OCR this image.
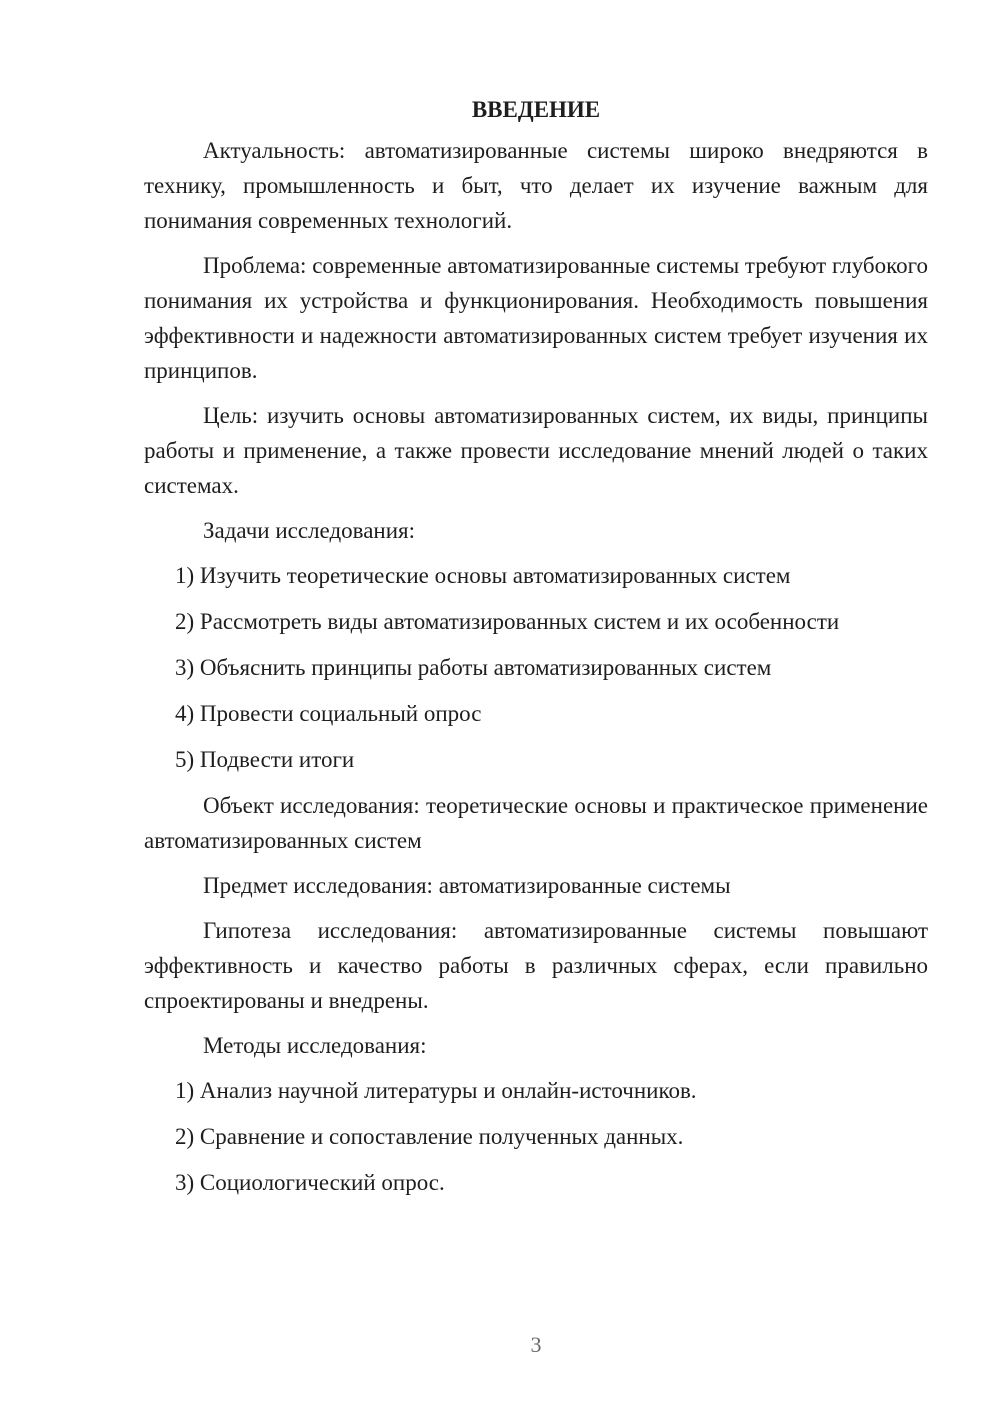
ВВЕДЕНИЕ

Актуальность: автоматизированные системы широко внедряются в технику, промышленность и быт, что делает их изучение важным для понимания современных технологий.

Проблема: современные автоматизированные системы требуют глубокого понимания их устройства и функционирования. Необходимость повышения эффективности и надежности автоматизированных систем требует изучения их принципов.

Цель: изучить основы автоматизированных систем, их виды, принципы работы и применение, а также провести исследование мнений людей о таких системах.

Задачи исследования:

1) Изучить теоретические основы автоматизированных систем
2) Рассмотреть виды автоматизированных систем и их особенности
3) Объяснить принципы работы автоматизированных систем
4) Провести социальный опрос
5) Подвести итоги

Объект исследования: теоретические основы и практическое применение автоматизированных систем

Предмет исследования: автоматизированные системы

Гипотеза исследования: автоматизированные системы повышают эффективность и качество работы в различных сферах, если правильно спроектированы и внедрены.

Методы исследования:

1) Анализ научной литературы и онлайн-источников.
2) Сравнение и сопоставление полученных данных.
3) Социологический опрос.
3
